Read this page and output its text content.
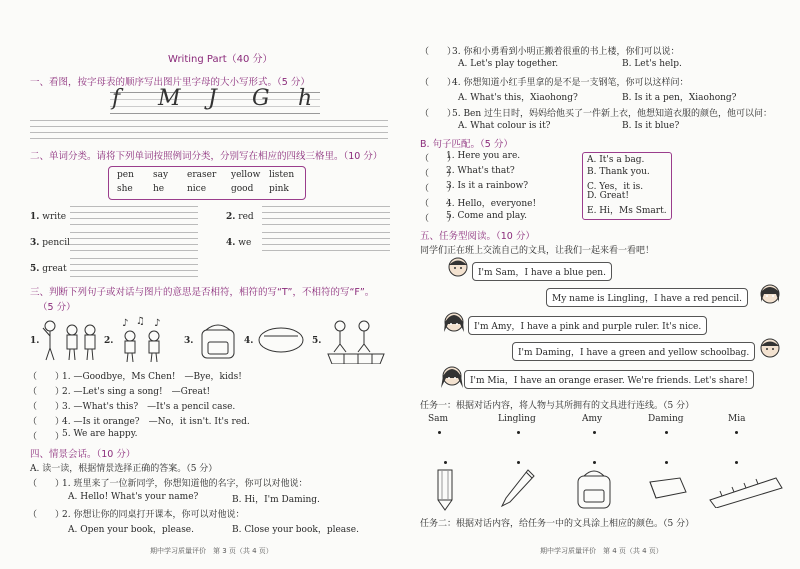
Writing Part（40 分）
一、看图，按字母表的顺序写出图片里字母的大小写形式。（5 分）
f M J G h
二、单词分类。请将下列单词按照例词分类，分别写在相应的四线三格里。（10 分）
pen say eraser yellow listen
she he	nice	good pink
1. write	2. red
3. pencil	4. we
5. great
三、判断下列句子或对话与图片的意思是否相符，相符的写“T”，不相符的写“F”。
（5 分）
1.	2.
♪ ♫ ♪
3.	4.	5.
（　　）
1. —Goodbye，Ms Chen!　—Bye，kids!
（　　）
2. —Let's sing a song!　—Great!
（　　）
3. —What's this?　—It's a pencil case.
（　　）
4. —Is it orange?　—No，it isn't. It's red.
（　　）
5. We are happy.
四、情景会话。（10 分）
A. 读一读，根据情景选择正确的答案。（5 分）
（　　）
1. 班里来了一位新同学，你想知道他的名字，你可以对他说：
A. Hello! What's your name?	B. Hi，I'm Daming.
（　　）
2. 你想让你的同桌打开课本，你可以对他说：
A. Open your book，please.	B. Close your book，please.
期中学习质量评价　第 3 页（共 4 页）
（　　）
3. 你和小勇看到小明正搬着很重的书上楼，你们可以说：
A. Let's play together.	B. Let's help.
（　　）
4. 你想知道小红手里拿的是不是一支钢笔，你可以这样问：
A. What's this，Xiaohong?	B. Is it a pen，Xiaohong?
（　　）
5. Ben 过生日时，妈妈给他买了一件新上衣，他想知道衣服的颜色，他可以问：
A. What colour is it?	B. Is it blue?
B. 句子匹配。（5 分）
（　　）
1. Here you are.
（　　）
2. What's that?
（　　）
3. Is it a rainbow?
（　　）
4. Hello，everyone!
（　　）
5. Come and play.
A. It's a bag.
B. Thank you.
C. Yes，it is.
D. Great!
E. Hi，Ms Smart.
五、任务型阅读。（10 分）
同学们正在班上交流自己的文具，让我们一起来看一看吧！
I'm Sam，I have a blue pen.
My name is Lingling，I have a red pencil.
I'm Amy，I have a pink and purple ruler. It's nice.
I'm Daming，I have a green and yellow schoolbag.
I'm Mia，I have an orange eraser. We're friends. Let's share!
任务一：根据对话内容，将人物与其所拥有的文具进行连线。（5 分）
Sam	Lingling	Amy	Daming	Mia
任务二：根据对话内容，给任务一中的文具涂上相应的颜色。（5 分）
期中学习质量评价　第 4 页（共 4 页）
